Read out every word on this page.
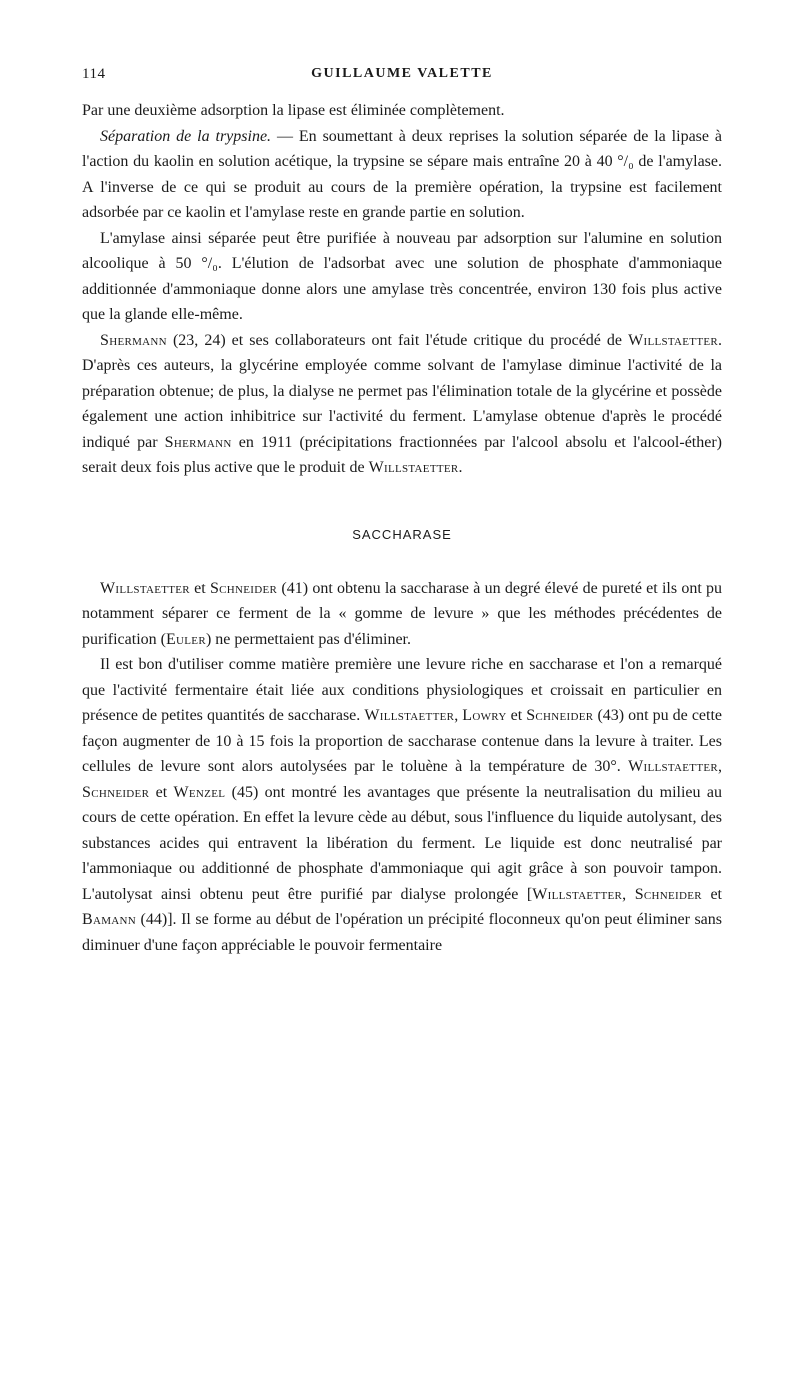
114	GUILLAUME VALETTE

Par une deuxième adsorption la lipase est éliminée complètement.

Séparation de la trypsine. — En soumettant à deux reprises la solution séparée de la lipase à l'action du kaolin en solution acétique, la trypsine se sépare mais entraîne 20 à 40 °/₀ de l'amylase. A l'inverse de ce qui se produit au cours de la première opération, la trypsine est facilement adsorbée par ce kaolin et l'amylase reste en grande partie en solution.

L'amylase ainsi séparée peut être purifiée à nouveau par adsorption sur l'alumine en solution alcoolique à 50 °/₀. L'élution de l'adsorbat avec une solution de phosphate d'ammoniaque additionnée d'ammoniaque donne alors une amylase très concentrée, environ 130 fois plus active que la glande elle-même.

Shermann (23, 24) et ses collaborateurs ont fait l'étude critique du procédé de Willstaetter. D'après ces auteurs, la glycérine employée comme solvant de l'amylase diminue l'activité de la préparation obtenue; de plus, la dialyse ne permet pas l'élimination totale de la glycérine et possède également une action inhibitrice sur l'activité du ferment. L'amylase obtenue d'après le procédé indiqué par Shermann en 1911 (précipitations fractionnées par l'alcool absolu et l'alcool-éther) serait deux fois plus active que le produit de Willstaetter.

SACCHARASE

Willstaetter et Schneider (41) ont obtenu la saccharase à un degré élevé de pureté et ils ont pu notamment séparer ce ferment de la « gomme de levure » que les méthodes précédentes de purification (Euler) ne permettaient pas d'éliminer.

Il est bon d'utiliser comme matière première une levure riche en saccharase et l'on a remarqué que l'activité fermentaire était liée aux conditions physiologiques et croissait en particulier en présence de petites quantités de saccharase. Willstaetter, Lowry et Schneider (43) ont pu de cette façon augmenter de 10 à 15 fois la proportion de saccharase contenue dans la levure à traiter. Les cellules de levure sont alors autolysées par le toluène à la température de 30°. Willstaetter, Schneider et Wenzel (45) ont montré les avantages que présente la neutralisation du milieu au cours de cette opération. En effet la levure cède au début, sous l'influence du liquide autolysant, des substances acides qui entravent la libération du ferment. Le liquide est donc neutralisé par l'ammoniaque ou additionné de phosphate d'ammoniaque qui agit grâce à son pouvoir tampon. L'autolysat ainsi obtenu peut être purifié par dialyse prolongée [Willstaetter, Schneider et Bamann (44)]. Il se forme au début de l'opération un précipité floconneux qu'on peut éliminer sans diminuer d'une façon appréciable le pouvoir fermentaire
